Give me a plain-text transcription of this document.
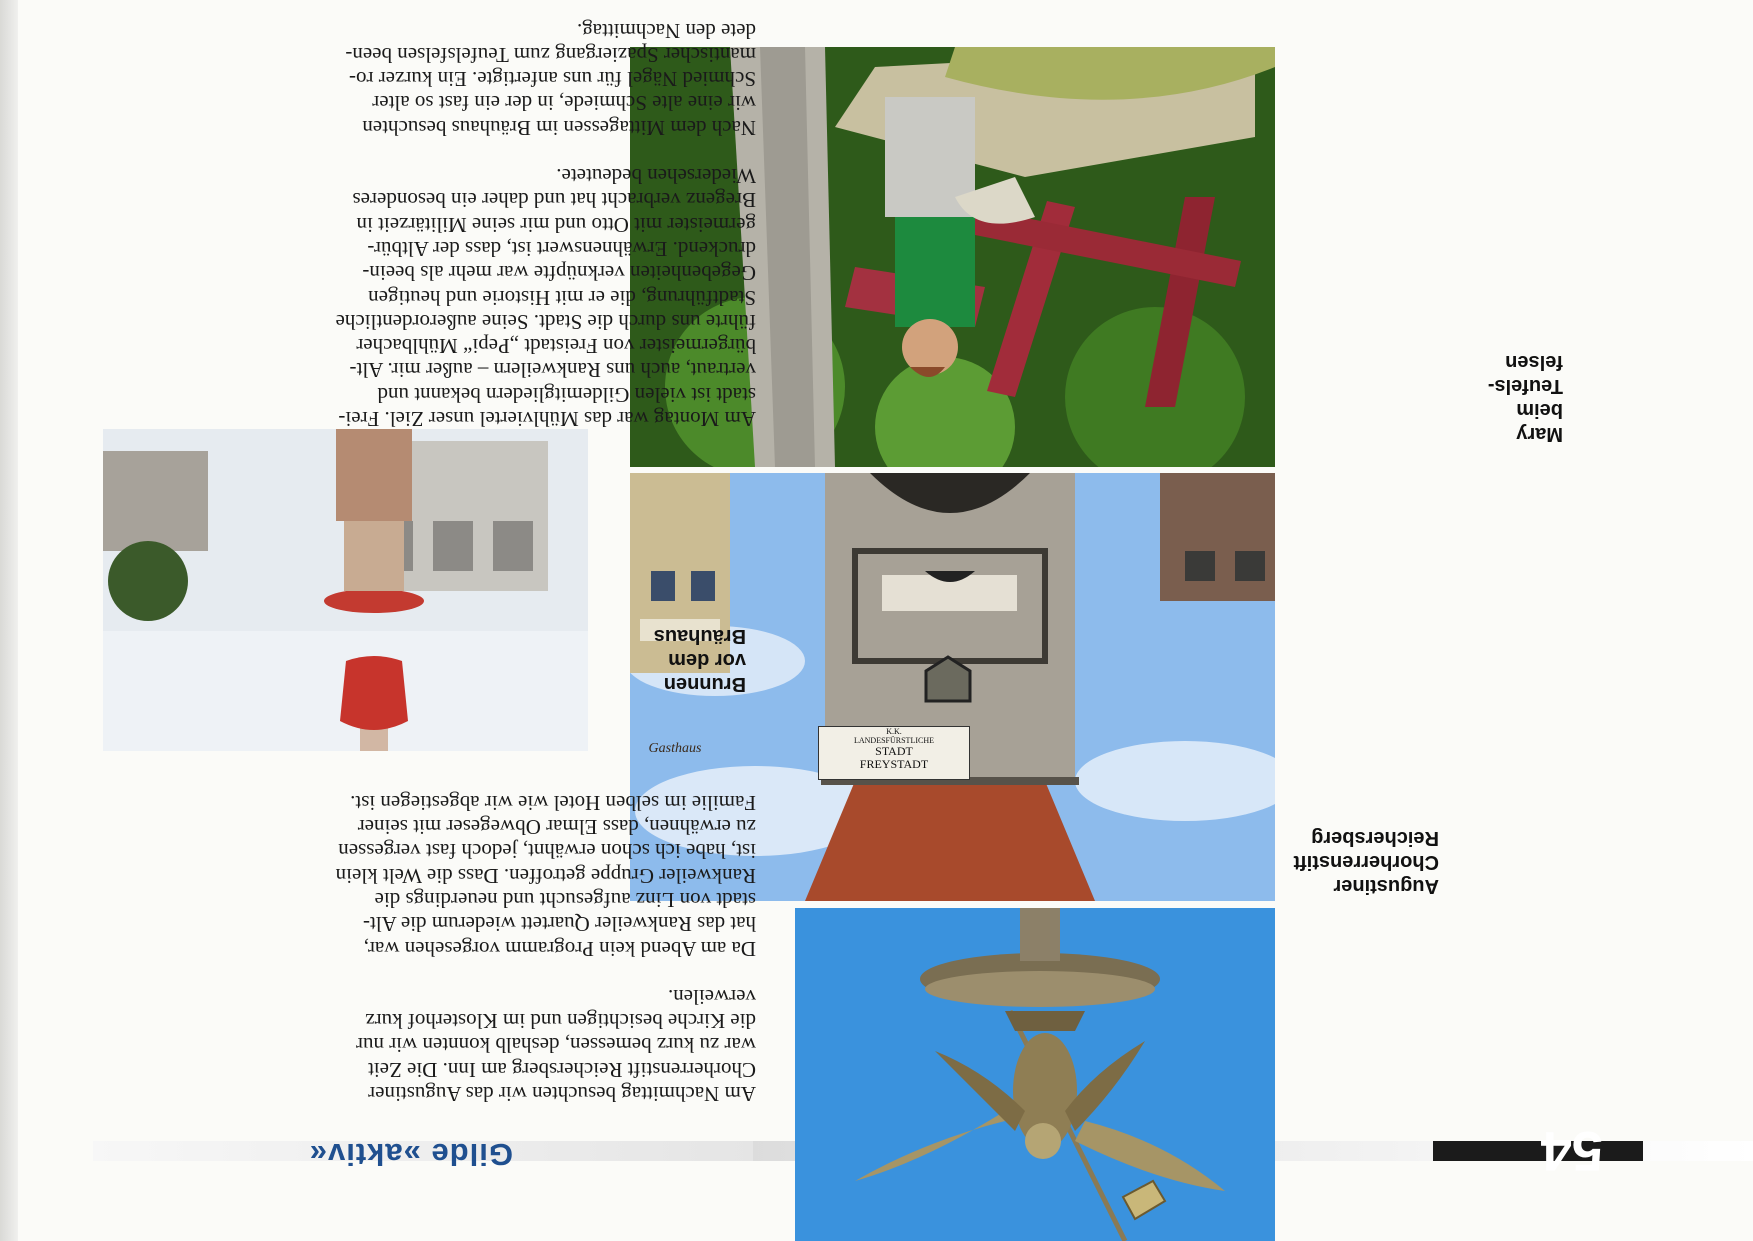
54
Gilde »aktiv«
K.K.
LANDESFÜRSTLICHE
STADT
FREYSTADT
Gasthaus
Augustiner
Chorherrenstift
Reichersberg
Mary
beim
Teufels-
felsen
Brunnen
vor dem
Bräuhaus

Am Nachmittag besuchten wir das Augustiner
Chorherrenstift Reichersberg am Inn. Die Zeit
war zu kurz bemessen, deshalb konnten wir nur
die Kirche besichtigen und im Klosterhof kurz
verweilen.

Da am Abend kein Programm vorgesehen war,
hat das Rankweiler Quartett wiederum die Alt-
stadt von Linz aufgesucht und neuerdings die
Rankweiler Gruppe getroffen. Dass die Welt klein
ist, habe ich schon erwähnt, jedoch fast vergessen
zu erwähnen, dass Elmar Obwegeser mit seiner
Familie im selben Hotel wie wir abgestiegen ist.

Am Montag war das Mühlviertel unser Ziel. Frei-
stadt ist vielen Gildemitgliedern bekannt und
vertraut, auch uns Rankweilern – außer mir. Alt-
bürgermeister von Freistadt „Pepi“ Mühlbacher
führte uns durch die Stadt. Seine außerordentliche
Stadtführung, die er mit Historie und heutigen
Gegebenheiten verknüpfte war mehr als beein-
druckend. Erwähnenswert ist, dass der Altbür-
germeister mit Otto und mir seine Militärzeit in
Bregenz verbracht hat und daher ein besonderes
Wiedersehen bedeutete.

Nach dem Mittagessen im Bräuhaus besuchten
wir eine alte Schmiede, in der ein fast so alter
Schmied Nägel für uns anfertigte. Ein kurzer ro-
mantischer Spaziergang zum Teufelsfelsen been-
dete den Nachmittag.
